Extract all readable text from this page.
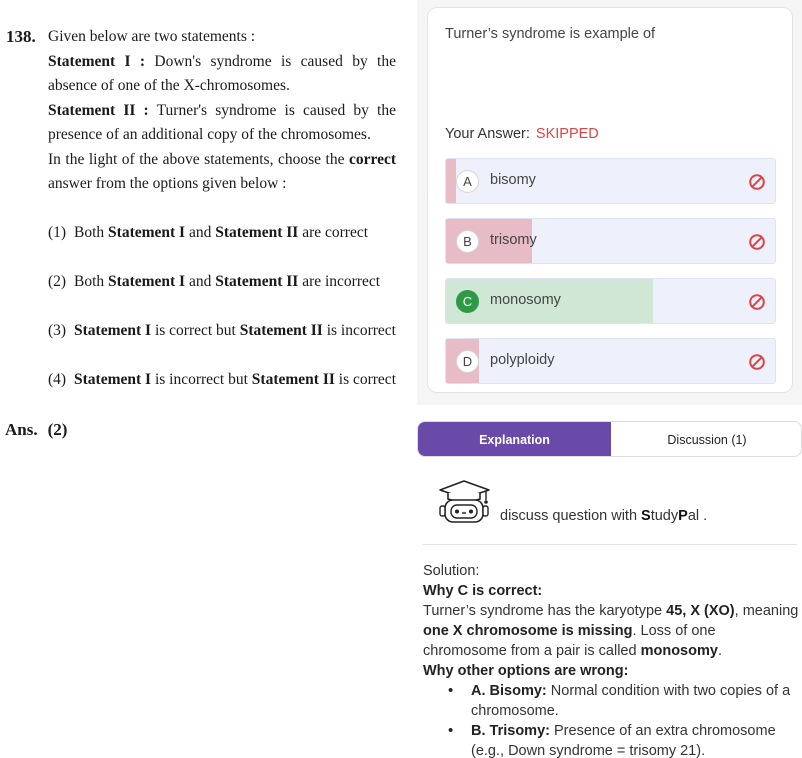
138. Given below are two statements :

Statement I : Down's syndrome is caused by the absence of one of the X-chromosomes.

Statement II : Turner's syndrome is caused by the presence of an additional copy of the chromosomes.

In the light of the above statements, choose the correct answer from the options given below :

(1) Both Statement I and Statement II are correct
(2) Both Statement I and Statement II are incorrect
(3) Statement I is correct but Statement II is incorrect
(4) Statement I is incorrect but Statement II is correct
Ans. (2)
Turner’s syndrome is example of
Your Answer: SKIPPED
A	bisomy
B	trisomy
C	monosomy
D	polyploidy
Explanation	Discussion (1)
discuss question with StudyPal .
Solution:
Why C is correct:
Turner’s syndrome has the karyotype 45, X (XO), meaning one X chromosome is missing. Loss of one chromosome from a pair is called monosomy.
Why other options are wrong:
• A. Bisomy: Normal condition with two copies of a chromosome.
• B. Trisomy: Presence of an extra chromosome (e.g., Down syndrome = trisomy 21).
